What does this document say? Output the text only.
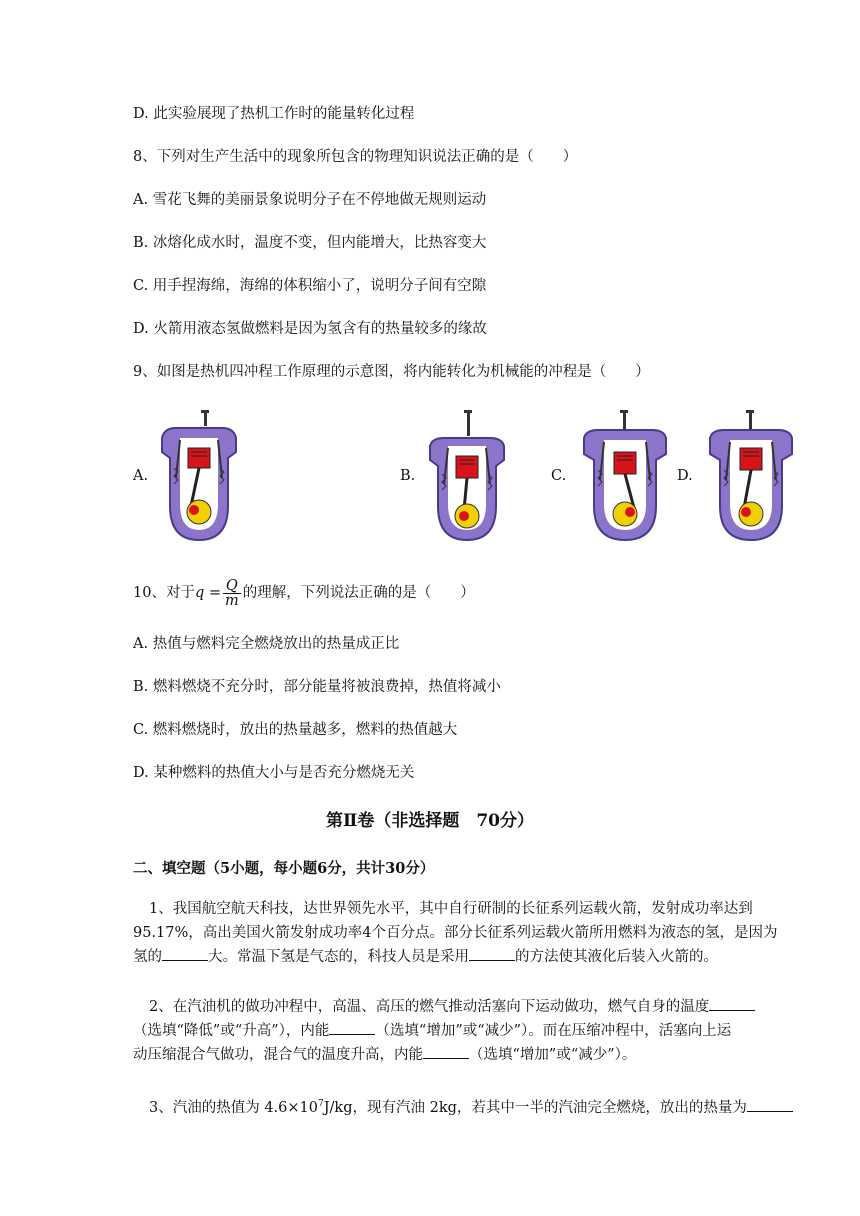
D. 此实验展现了热机工作时的能量转化过程
8、下列对生产生活中的现象所包含的物理知识说法正确的是（　　）
A. 雪花飞舞的美丽景象说明分子在不停地做无规则运动
B. 冰熔化成水时，温度不变，但内能增大，比热容变大
C. 用手捏海绵，海绵的体积缩小了，说明分子间有空隙
D. 火箭用液态氢做燃料是因为氢含有的热量较多的缘故
9、如图是热机四冲程工作原理的示意图，将内能转化为机械能的冲程是（　　）
A.	B.	C.	D.
10、对于$q = \frac{Q}{m}$ 的理解，下列说法正确的是（　　）
A. 热值与燃料完全燃烧放出的热量成正比
B. 燃料燃烧不充分时，部分能量将被浪费掉，热值将减小
C. 燃料燃烧时，放出的热量越多，燃料的热值越大
D. 某种燃料的热值大小与是否充分燃烧无关
第Ⅱ卷（非选择题　70分）
二、填空题（5小题，每小题6分，共计30分）
1、我国航空航天科技，达世界领先水平，其中自行研制的长征系列运载火箭，发射成功率达到
95.17%，高出美国火箭发射成功率4个百分点。部分长征系列运载火箭所用燃料为液态的氢，是因为
氢的	大。常温下氢是气态的，科技人员是采用	的方法使其液化后装入火箭的。
2、在汽油机的做功冲程中，高温、高压的燃气推动活塞向下运动做功，燃气自身的温度
（选填“降低”或“升高”），内能	（选填“增加”或“减少”）。而在压缩冲程中，活塞向上运
动压缩混合气做功，混合气的温度升高，内能	（选填“增加”或“减少”）。
3、汽油的热值为 $4.6\times 10^7J/kg$，现有汽油 2kg，若其中一半的汽油完全燃烧，放出的热量为
